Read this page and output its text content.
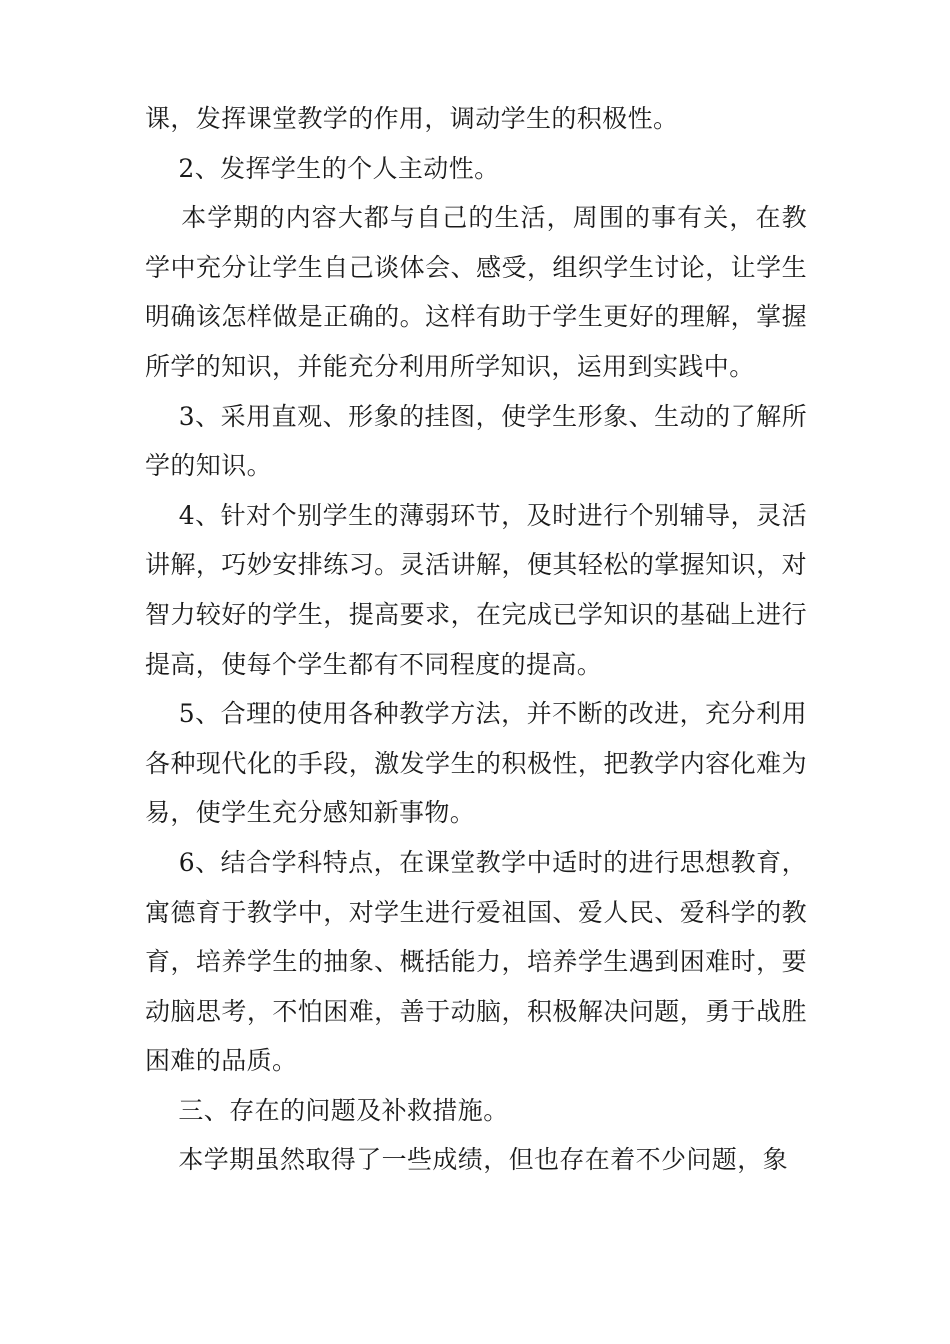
课，发挥课堂教学的作用，调动学生的积极性。

2、发挥学生的个人主动性。

本学期的内容大都与自己的生活，周围的事有关，在教学中充分让学生自己谈体会、感受，组织学生讨论，让学生明确该怎样做是正确的。这样有助于学生更好的理解，掌握所学的知识，并能充分利用所学知识，运用到实践中。

3、采用直观、形象的挂图，使学生形象、生动的了解所学的知识。

4、针对个别学生的薄弱环节，及时进行个别辅导，灵活讲解，巧妙安排练习。灵活讲解，便其轻松的掌握知识，对智力较好的学生，提高要求，在完成已学知识的基础上进行提高，使每个学生都有不同程度的提高。

5、合理的使用各种教学方法，并不断的改进，充分利用各种现代化的手段，激发学生的积极性，把教学内容化难为易，使学生充分感知新事物。

6、结合学科特点，在课堂教学中适时的进行思想教育，寓德育于教学中，对学生进行爱祖国、爱人民、爱科学的教育，培养学生的抽象、概括能力，培养学生遇到困难时，要动脑思考，不怕困难，善于动脑，积极解决问题，勇于战胜困难的品质。

三、存在的问题及补救措施。

本学期虽然取得了一些成绩，但也存在着不少问题，象
